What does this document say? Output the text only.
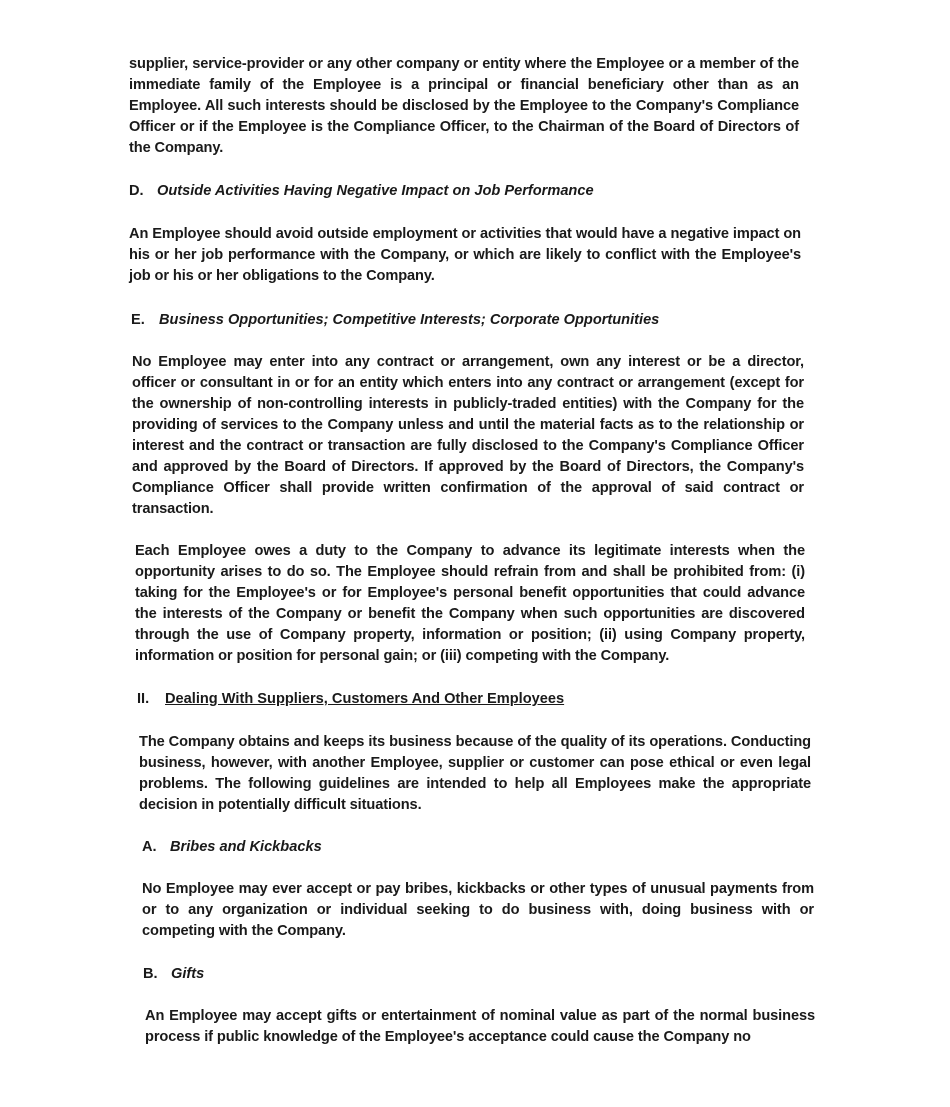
supplier, service-provider or any other company or entity where the Employee or a member of the immediate family of the Employee is a principal or financial beneficiary other than as an Employee. All such interests should be disclosed by the Employee to the Company's Compliance Officer or if the Employee is the Compliance Officer, to the Chairman of the Board of Directors of the Company.

D. Outside Activities Having Negative Impact on Job Performance

An Employee should avoid outside employment or activities that would have a negative impact on his or her job performance with the Company, or which are likely to conflict with the Employee's job or his or her obligations to the Company.

E. Business Opportunities; Competitive Interests; Corporate Opportunities

No Employee may enter into any contract or arrangement, own any interest or be a director, officer or consultant in or for an entity which enters into any contract or arrangement (except for the ownership of non-controlling interests in publicly-traded entities) with the Company for the providing of services to the Company unless and until the material facts as to the relationship or interest and the contract or transaction are fully disclosed to the Company's Compliance Officer and approved by the Board of Directors. If approved by the Board of Directors, the Company's Compliance Officer shall provide written confirmation of the approval of said contract or transaction.

Each Employee owes a duty to the Company to advance its legitimate interests when the opportunity arises to do so. The Employee should refrain from and shall be prohibited from: (i) taking for the Employee's or for Employee's personal benefit opportunities that could advance the interests of the Company or benefit the Company when such opportunities are discovered through the use of Company property, information or position; (ii) using Company property, information or position for personal gain; or (iii) competing with the Company.

II. Dealing With Suppliers, Customers And Other Employees

The Company obtains and keeps its business because of the quality of its operations. Conducting business, however, with another Employee, supplier or customer can pose ethical or even legal problems. The following guidelines are intended to help all Employees make the appropriate decision in potentially difficult situations.

A. Bribes and Kickbacks

No Employee may ever accept or pay bribes, kickbacks or other types of unusual payments from or to any organization or individual seeking to do business with, doing business with or competing with the Company.

B. Gifts

An Employee may accept gifts or entertainment of nominal value as part of the normal business process if public knowledge of the Employee's acceptance could cause the Company no
